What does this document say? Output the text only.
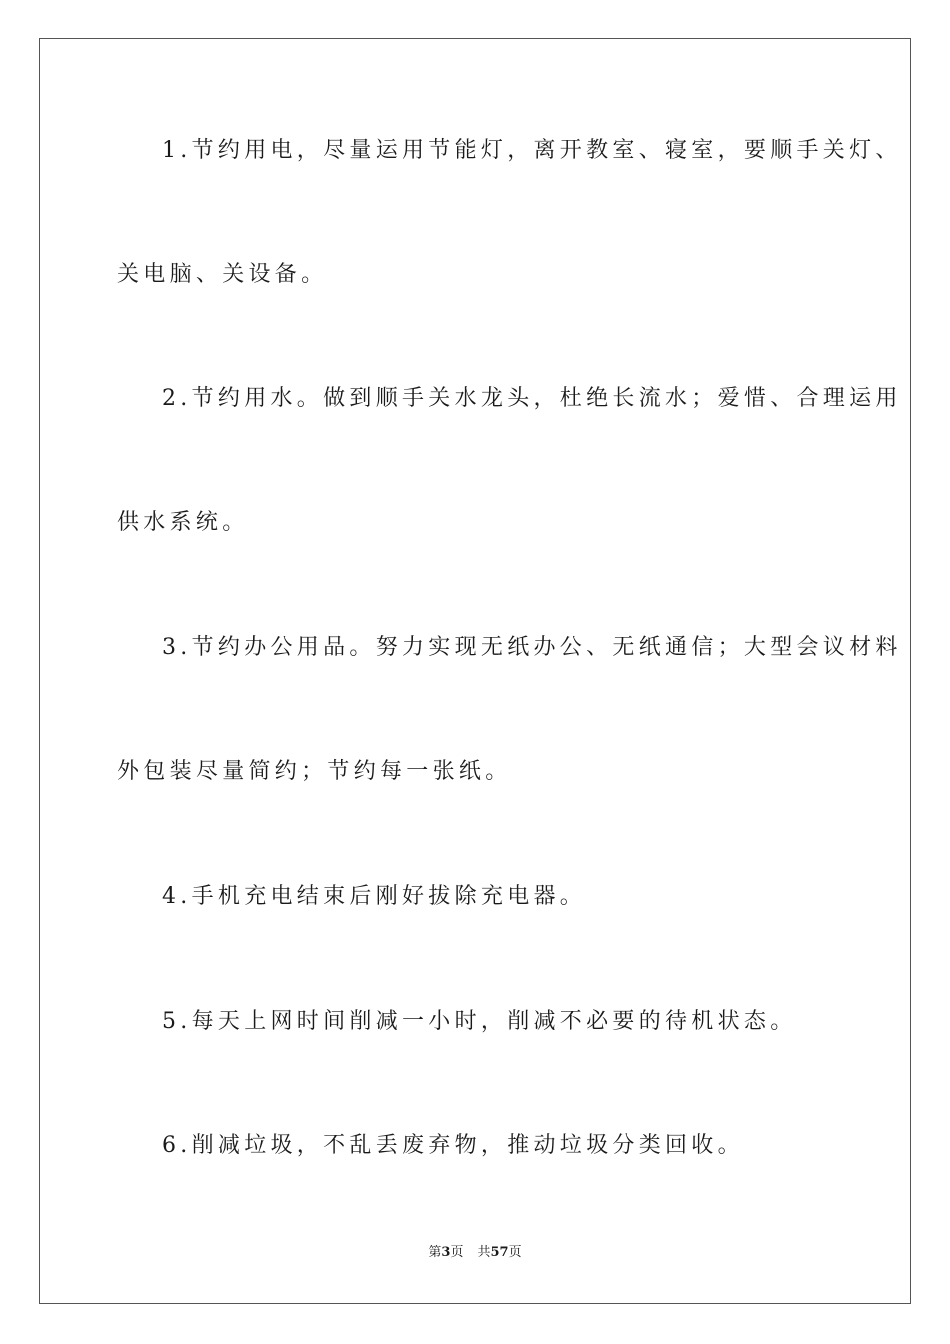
1.节约用电，尽量运用节能灯，离开教室、寝室，要顺手关灯、
关电脑、关设备。
2.节约用水。做到顺手关水龙头，杜绝长流水；爱惜、合理运用
供水系统。
3.节约办公用品。努力实现无纸办公、无纸通信；大型会议材料
外包装尽量简约；节约每一张纸。
4.手机充电结束后刚好拔除充电器。
5.每天上网时间削减一小时，削减不必要的待机状态。
6.削减垃圾，不乱丢废弃物，推动垃圾分类回收。
第3页 共57页
